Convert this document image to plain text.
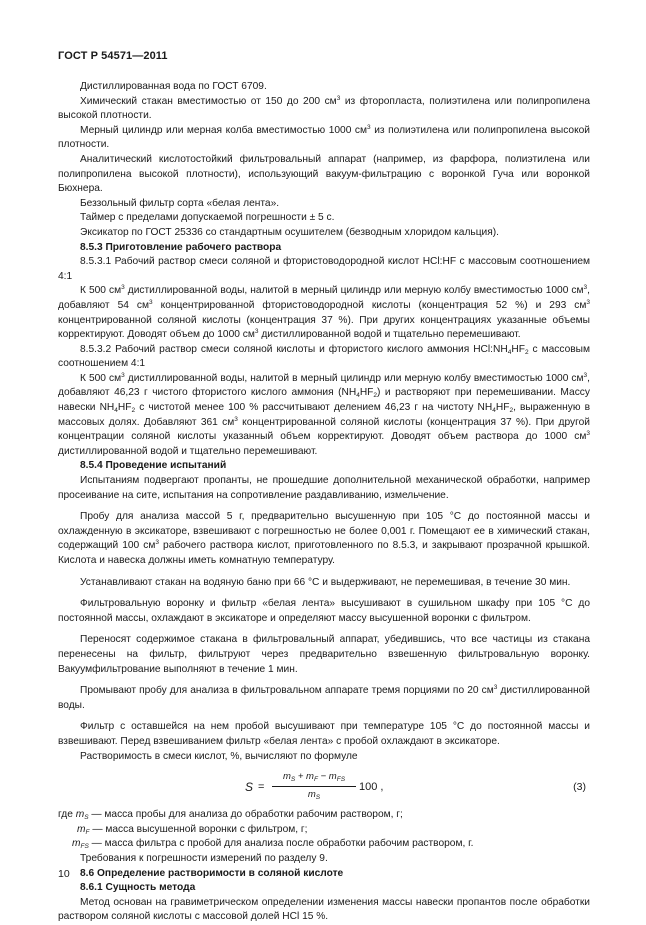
ГОСТ Р 54571—2011

Дистиллированная вода по ГОСТ 6709.

Химический стакан вместимостью от 150 до 200 $см^3$ из фторопласта, полиэтилена или полипропилена высокой плотности.

Мерный цилиндр или мерная колба вместимостью 1000 $см^3$ из полиэтилена или полипропилена высокой плотности.

Аналитический кислотостойкий фильтровальный аппарат (например, из фарфора, полиэтилена или полипропилена высокой плотности), использующий вакуум-фильтрацию с воронкой Гуча или воронкой Бюхнера.

Беззольный фильтр сорта «белая лента».

Таймер с пределами допускаемой погрешности ± 5 с.

Эксикатор по ГОСТ 25336 со стандартным осушителем (безводным хлоридом кальция).

8.5.3 Приготовление рабочего раствора

8.5.3.1 Рабочий раствор смеси соляной и фтористоводородной кислот HCl:HF с массовым соотношением 4:1

К 500 $см^3$ дистиллированной воды, налитой в мерный цилиндр или мерную колбу вместимостью 1000 $см^3$, добавляют 54 $см^3$ концентрированной фтористоводородной кислоты (концентрация 52 %) и 293 $см^3$ концентрированной соляной кислоты (концентрация 37 %). При других концентрациях указанные объемы корректируют. Доводят объем до 1000 $см^3$ дистиллированной водой и тщательно перемешивают.

8.5.3.2 Рабочий раствор смеси соляной кислоты и фтористого кислого аммония HCl:NH4HF2 с массовым соотношением 4:1

К 500 $см^3$ дистиллированной воды, налитой в мерный цилиндр или мерную колбу вместимостью 1000 $см^3$, добавляют 46,23 г чистого фтористого кислого аммония (NH4HF2) и растворяют при перемешивании. Массу навески NH4HF2 с чистотой менее 100 % рассчитывают делением 46,23 г на чистоту NH4HF2, выраженную в массовых долях. Добавляют 361 $см^3$ концентрированной соляной кислоты (концентрация 37 %). При другой концентрации соляной кислоты указанный объем корректируют. Доводят объем раствора до 1000 $см^3$ дистиллированной водой и тщательно перемешивают.

8.5.4 Проведение испытаний

Испытаниям подвергают пропанты, не прошедшие дополнительной механической обработки, например просеивание на сите, испытания на сопротивление раздавливанию, измельчение.

Пробу для анализа массой 5 г, предварительно высушенную при 105 °С до постоянной массы и охлажденную в эксикаторе, взвешивают с погрешностью не более 0,001 г. Помещают ее в химический стакан, содержащий 100 $см^3$ рабочего раствора кислот, приготовленного по 8.5.3, и закрывают прозрачной крышкой. Кислота и навеска должны иметь комнатную температуру.

Устанавливают стакан на водяную баню при 66 °С и выдерживают, не перемешивая, в течение 30 мин.

Фильтровальную воронку и фильтр «белая лента» высушивают в сушильном шкафу при 105 °С до постоянной массы, охлаждают в эксикаторе и определяют массу высушенной воронки с фильтром.

Переносят содержимое стакана в фильтровальный аппарат, убедившись, что все частицы из стакана перенесены на фильтр, фильтруют через предварительно взвешенную фильтровальную воронку. Вакуумфильтрование выполняют в течение 1 мин.

Промывают пробу для анализа в фильтровальном аппарате тремя порциями по 20 $см^3$ дистиллированной воды.

Фильтр с оставшейся на нем пробой высушивают при температуре 105 °С до постоянной массы и взвешивают. Перед взвешиванием фильтр «белая лента» с пробой охлаждают в эксикаторе.

Растворимость в смеси кислот, %, вычисляют по формуле

S =
$m_S + m_F - m_{FS}$
$m_S$
100 ,	(3)
где mS — масса пробы для анализа до обработки рабочим раствором, г;
mF — масса высушенной воронки с фильтром, г;
mFS — масса фильтра с пробой для анализа после обработки рабочим раствором, г.

Требования к погрешности измерений по разделу 9.

8.6 Определение растворимости в соляной кислоте

8.6.1 Сущность метода

Метод основан на гравиметрическом определении изменения массы навески пропантов после обработки раствором соляной кислоты с массовой долей HCl 15 %.

10
